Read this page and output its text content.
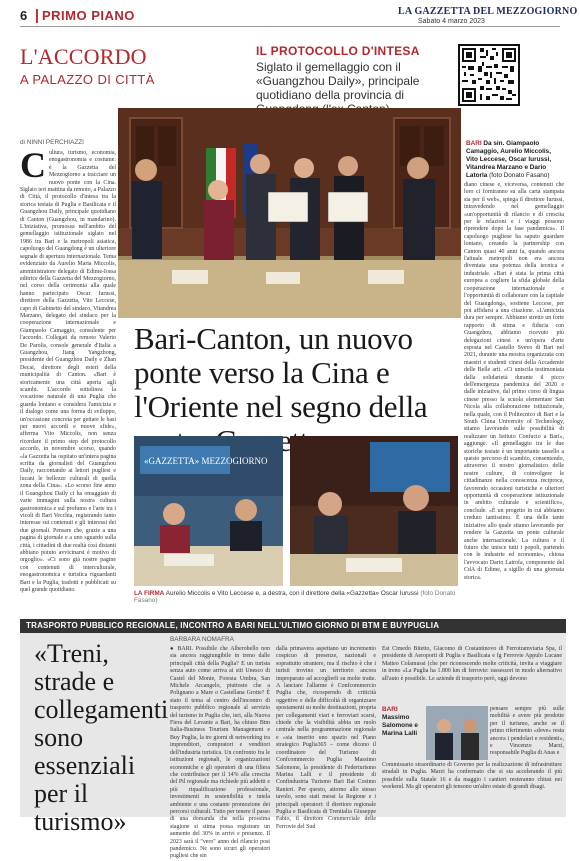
6 PRIMO PIANO	LA GAZZETTA DEL MEZZOGIORNO
Sabato 4 marzo 2023
L'ACCORDO
A PALAZZO DI CITTÀ
IL PROTOCOLLO D'INTESA
Siglato il gemellaggio con il «Guangzhou Daily», principale quotidiano della provincia di
BARI Da sin. Giampaolo Camaggio, Aurelio Miccolis, Vito Leccese, Oscar Iurussi, Vitandrea Marzano e Dario Latorla (foto Donato Fasano)
di NINNI PERCHIAZZI
Cultura, turismo, economia, enogastronomia e costume: è la Gazzetta del Mezzogiorno a tracciare un nuovo ponte con la Cina. Siglato ieri mattina da remoto, a Palazzo di Città, il protocollo d'intesa tra la storica testata di Puglia e Basilicata e il Guangzhou Daily, principale quotidiano di Canton (Guangzhou, in mandarino). L'iniziativa, promossa nell'ambito del gemellaggio istituzionale siglato nel 1986 tra Bari e la metropoli asiatica, capoluogo del Guangdong è un ulteriore segnale di apertura internazionale. Tema evidenziato da Aurelio Maria Miccolis, amministratore delegato di Edime-Iossa editrice della Gazzetta del Mezzogiorno, nel corso della cerimonia alla quale hanno partecipato Oscar Iurussi, direttore della Gazzetta, Vito Leccese, capo di Gabinetto del sindaco, Vitandrea Marzano, delegato del sindaco per la cooperazione internazionale e Giampaolo Camaggio, consulente per l'accordo. Collegati da remoto Valerio De Parolis, console generale d'Italia a Guangzhou, Jiang Yangzhong, presidente del Guangzhou Daily e Zhan Decai, direttore degli esteri della municipalità di Canton. «Bari è storicamente una città aperta agli scambi. L'accordo sottolinea la vocazione naturale di una Puglia che guarda lontano e considera l'amicizia e il dialogo come una forma di sviluppo, un'occasione concreta per gettare le basi per nuovi accordi e nuove sfide», afferma Vito Miccolis, non senza ricordare il primo step del protocollo accordo, in novembre scorso, quando «la Gazzetta ha ospitato un'intera pagina scritta da giornalisti del Guangzhou Daily, raccontando ai lettori pugliesi e lucani le bellezze culturali di quella zona della Cina». «Lo scorso fine anno il Guangzhou Daily ci ha omaggiato di varie immagini sulla nostra cultura gastronomica e sul profumo e l'arte tra i vicoli di Bari Vecchia, registrando tanto interesse sui contenuti e gli interessi dei due giornali. Pensare che, grazie a una pagina di giornale e a uno sguardo sulla città, i cittadini di due realtà così distanti abbiano potuto avvicinarsi è motivo di orgoglio». «Ci sono già nostre pagine con contenuti di interculturale, enogastronomica e turistica riguardanti Bari e la Puglia, tradotti e pubblicati su quel grande quotidiano.
diano cinese e, viceversa, contenuti che loro ci forniranno su alla carta stampata sia per il web», spiega il direttore Iurussi, intravedendo nel gemellaggio «un'opportunità di rilancio e di crescita per le relazioni e i viaggi possono riprendere dopo la fase pandemica». Il capoluogo pugliese ha saputo guardare lontano, creando la partnership con Canton quasi 40 anni fa, quando ancora l'attuale metropoli non era ancora diventata una potenza della tecnica e industriale. «Bari è stata la prima città europea a cogliere la sfida globale della cooperazione internazionale e l'opportunità di collaborare con la capitale del Guangdong», sostiene Leccese, per poi affidarsi a una citazione. «L'amicizia dura per sempre. Abbiamo stretto un forte rapporto di stima e fiducia con Guangzhou, abbiamo ricevuto più delegazioni cinesi e un'opera d'arte esposta nel Castello Svevo di Bari nel 2021, durante una mostra organizzata con maestri e studenti cinesi della Accademie delle Belle arti. «Ci uniscila testimoniata dalla solidarietà durante il picco dell'emergenza pandemica del 2020 e dalle iniziative, dal primo corso di lingua cinese presso la scuola elementare San Nicola alla collaborazione istituzionale, nella quale, con il Politecnico di Bari e la South China University of Technology, stiamo lavorando sulle possibilità di realizzare un Istituto Confucio a Bari», aggiunge. «Il gemellaggio tra le due storiche testate è un importante tassello a questo percorso di scambio, consentendo, attraverso il nostro giornalistico delle nostre culture, di coinvolgere le cittadinanze nella conoscenza reciproca, favorendo occasioni turistiche e ulteriori opportunità di cooperazione istituzionale in ambito culturale e scientifico», conclude. «È un progetto in cui abbiamo creduto tantissimo. È una delle tante iniziative allo quale stiamo lavorando per rendere la Gazzetta un ponte culturale anche internazionale. La cultura e il futuro che unisce tutti i popoli, partendo con le industrie ed economie», chiosa l'avvocato Dario Latrofa, componente del CdA di Edime, a sigillo di una giornata storica.
Bari-Canton, un nuovo ponte verso la Cina e l'Oriente nel segno della
«GAZZETTA» MEZZOGIORNO
LA FIRMA Aurelio Miccolis e Vito Leccese e, a destra, con il direttore della «Gazzetta» Oscar Iurussi (foto Donato Fasano)
TRASPORTO PUBBLICO REGIONALE, INCONTRO A BARI NELL'ULTIMO GIORNO DI BTM E BUYPUGLIA
«Treni, strade e collegamenti sono essenziali per il turismo»
BARBARA NOMAFRA
● BARI. Possibile che Alberobello non sia ancora raggiungibile in treno dalle principali città della Puglia? E un turista senza auto come arriva ai siti Unesco di Castel del Monte, Foresta Umbra, San Michele Arcangelo, piuttosto che a Polignano a Mare o Castellana Grotte? È stato il tema al centro dell'incontro di trasporto pubblico regionale al servizio del turismo in Puglia che, ieri, alla Nuova Fiera del Levante a Bari, ha chiuso Btm Italia-Business Tourism Management e Buy Puglia, la tre giorni di networking tra imprenditori, compratori e venditori dell'industria turistica. Un confronto fra le istituzioni regionali, le organizzazioni economiche e gli operatori di una filiera che contribuisce per il 14% alla crescita del Pil regionale ma richiede più addetti e più riqualificazione professionale, investimenti in sostenibilità e tutela ambiente e una costante promozione dei percorsi culturali. Tutto per tenere il passo di una domanda che nella prossima stagione si stima possa registrare un aumento del 30% in arrivi e presenze. Il 2023 sarà il "vero" anno del rilancio post pandemico. Ne sono sicuri gli operatori pugliesi che sin
dalla primavera aspettano un incremento cospicuo di presenze, nazionali e soprattutto straniere, ma il rischio è che i turisti trovino un territorio ancora impreparato ad accoglierli su molte tratte. A lanciare l'allarme è Confcommercio Puglia che, ricosperndo di criticità oggettive e delle difficoltà di organizzare spostamenti su molte destinazioni, propria per collegamenti viari e ferroviari scarsi, chiede che la visibilità abbia un ruolo centrale nella programmazione regionale e «sia inserito uno spazio nel Piano strategico Puglia365 – come dicono il coordinatore del Turismo di Confcommercio Puglia Massimo Salomone, la presidente di Federturismo Marina Lalli e il presidente di Confindustria Turismo Bari Bat Cosimo Ranieri. Per questo, attorno allo stesso tavolo, sono stati messi la Regione e i principali operatori: il direttore regionale Puglia e Basilicata di Trenitalia Giuseppe Fabio, il direttore Commerciale delle Ferrovie del Sud
Est Cimedo Bitetto, Giacomo di Costantinovo di Ferrotramviaria Spa, il presidente di Aeroporti di Puglia e Basilicata e fg Ferrovie Appulo Lucane Matteo Colamussi (che per riconoscendo molte criticità, invita a viaggiare in treno «La Puglia ha 1.800 km di ferrovie: rassessori in modo alternativo all'auto è possibile. Le aziende di trasporto però, oggi devono
BARI
Massimo Salomone e Marina Lalli
pensare sempre più sulle mobilità e avere più prodotte per il turismo, anche se il primo riferimento «dove» resta ancora i pendolari e residenti», e Vincenzo Marzi, responsabile Puglia di Anas e
Commissario straordinario di Governo per la realizzazione di infrastrutture stradali in Puglia. Marzi ha confermato che si sta accelerando il più possibile sulla Statale 16 e da maggio i cantieri resteranno chiusi nei weekend. Ma gli operatori gli tensono un'altro estate di grandi disagi.
